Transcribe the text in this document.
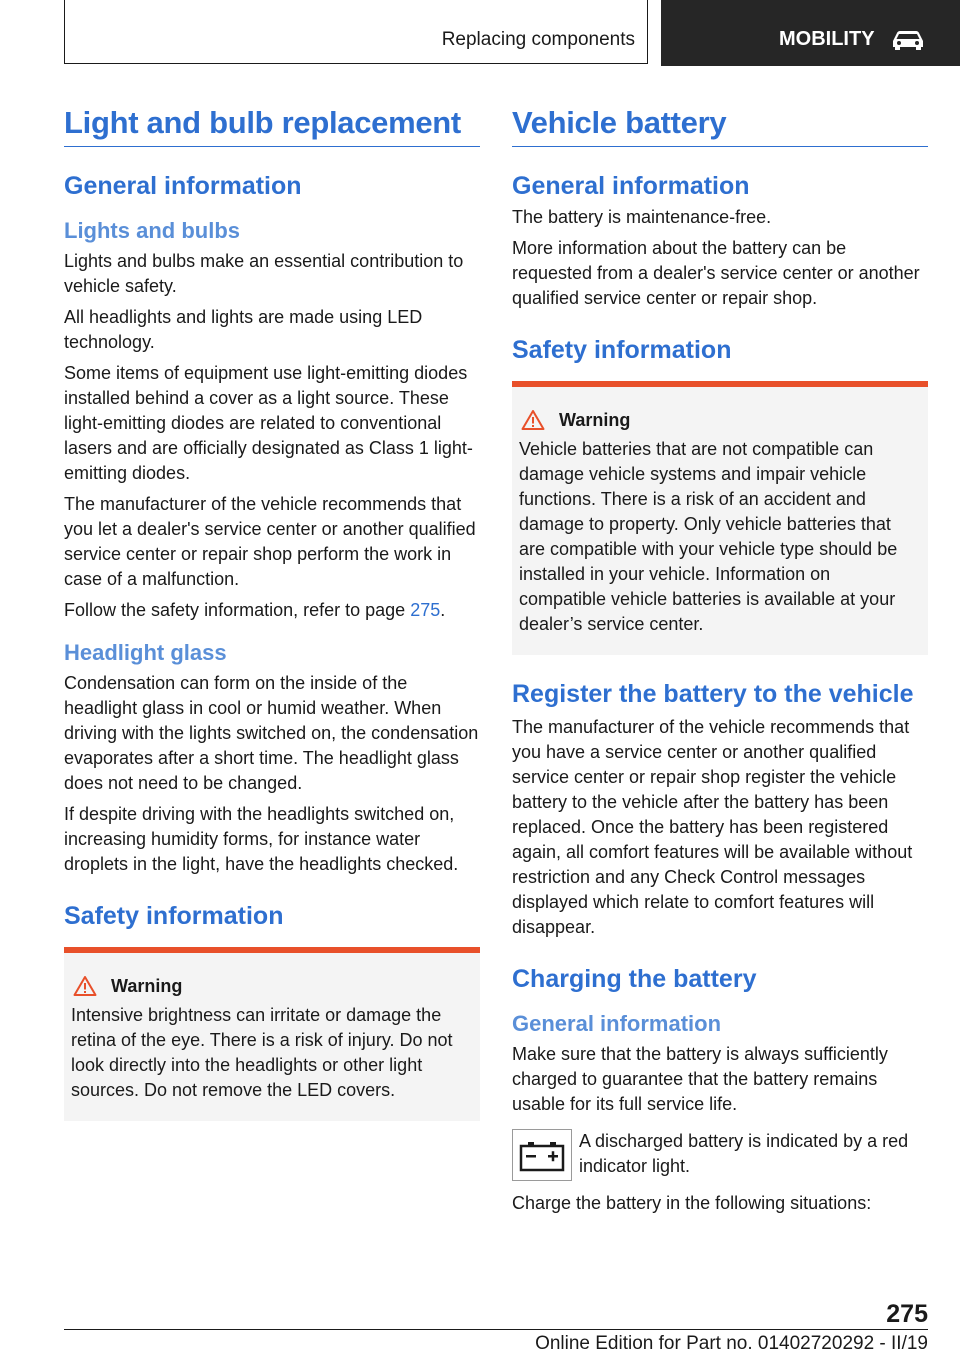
Replacing components	MOBILITY
Light and bulb replacement
General information
Lights and bulbs

Lights and bulbs make an essential contribution to vehicle safety.

All headlights and lights are made using LED technology.

Some items of equipment use light-emitting diodes installed behind a cover as a light source. These light-emitting diodes are related to conventional lasers and are officially designated as Class 1 light-emitting diodes.

The manufacturer of the vehicle recommends that you let a dealer's service center or another qualified service center or repair shop perform the work in case of a malfunction.

Follow the safety information, refer to page 275.

Headlight glass

Condensation can form on the inside of the headlight glass in cool or humid weather. When driving with the lights switched on, the condensation evaporates after a short time. The headlight glass does not need to be changed.

If despite driving with the headlights switched on, increasing humidity forms, for instance water droplets in the light, have the headlights checked.

Safety information
Warning

Intensive brightness can irritate or damage the retina of the eye. There is a risk of injury. Do not look directly into the headlights or other light sources. Do not remove the LED covers.

Vehicle battery
General information

The battery is maintenance-free.

More information about the battery can be requested from a dealer's service center or another qualified service center or repair shop.

Safety information
Warning

Vehicle batteries that are not compatible can damage vehicle systems and impair vehicle functions. There is a risk of an accident and damage to property. Only vehicle batteries that are compatible with your vehicle type should be installed in your vehicle. Information on compatible vehicle batteries is available at your dealer’s service center.

Register the battery to the vehicle

The manufacturer of the vehicle recommends that you have a service center or another qualified service center or repair shop register the vehicle battery to the vehicle after the battery has been replaced. Once the battery has been registered again, all comfort features will be available without restriction and any Check Control messages displayed which relate to comfort features will disappear.

Charging the battery
General information

Make sure that the battery is always sufficiently charged to guarantee that the battery remains usable for its full service life.

A discharged battery is indicated by a red indicator light.

Charge the battery in the following situations:

275
Online Edition for Part no. 01402720292 - II/19
